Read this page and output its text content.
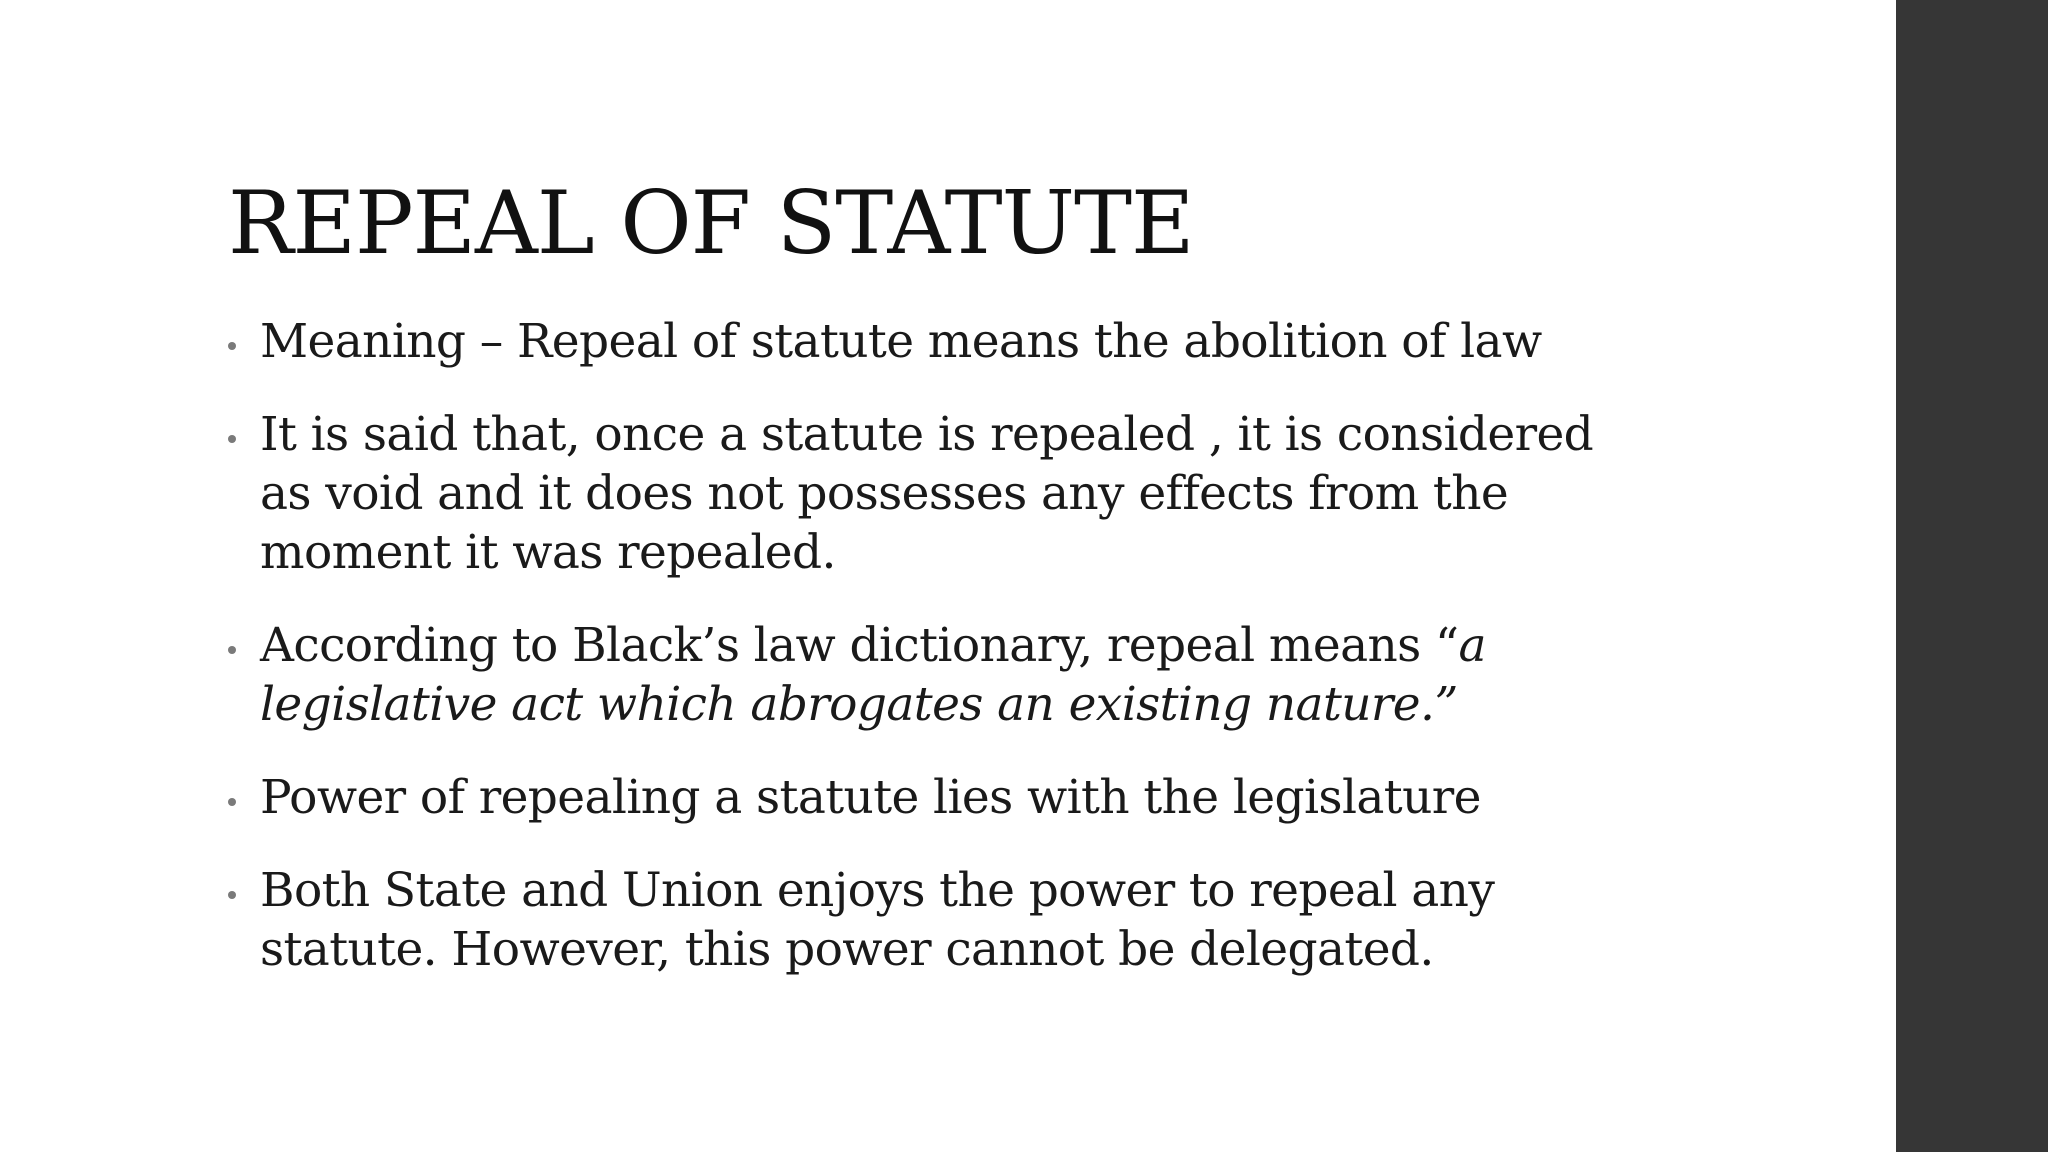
REPEAL OF STATUTE
Meaning – Repeal of statute means the abolition of law
It is said that, once a statute is repealed , it is considered as void and it does not possesses any effects from the moment it was repealed.
According to Black’s law dictionary, repeal means “a legislative act which abrogates an existing nature.”
Power of repealing a statute lies with the legislature
Both State and Union enjoys the power to repeal any statute. However, this power cannot be delegated.
